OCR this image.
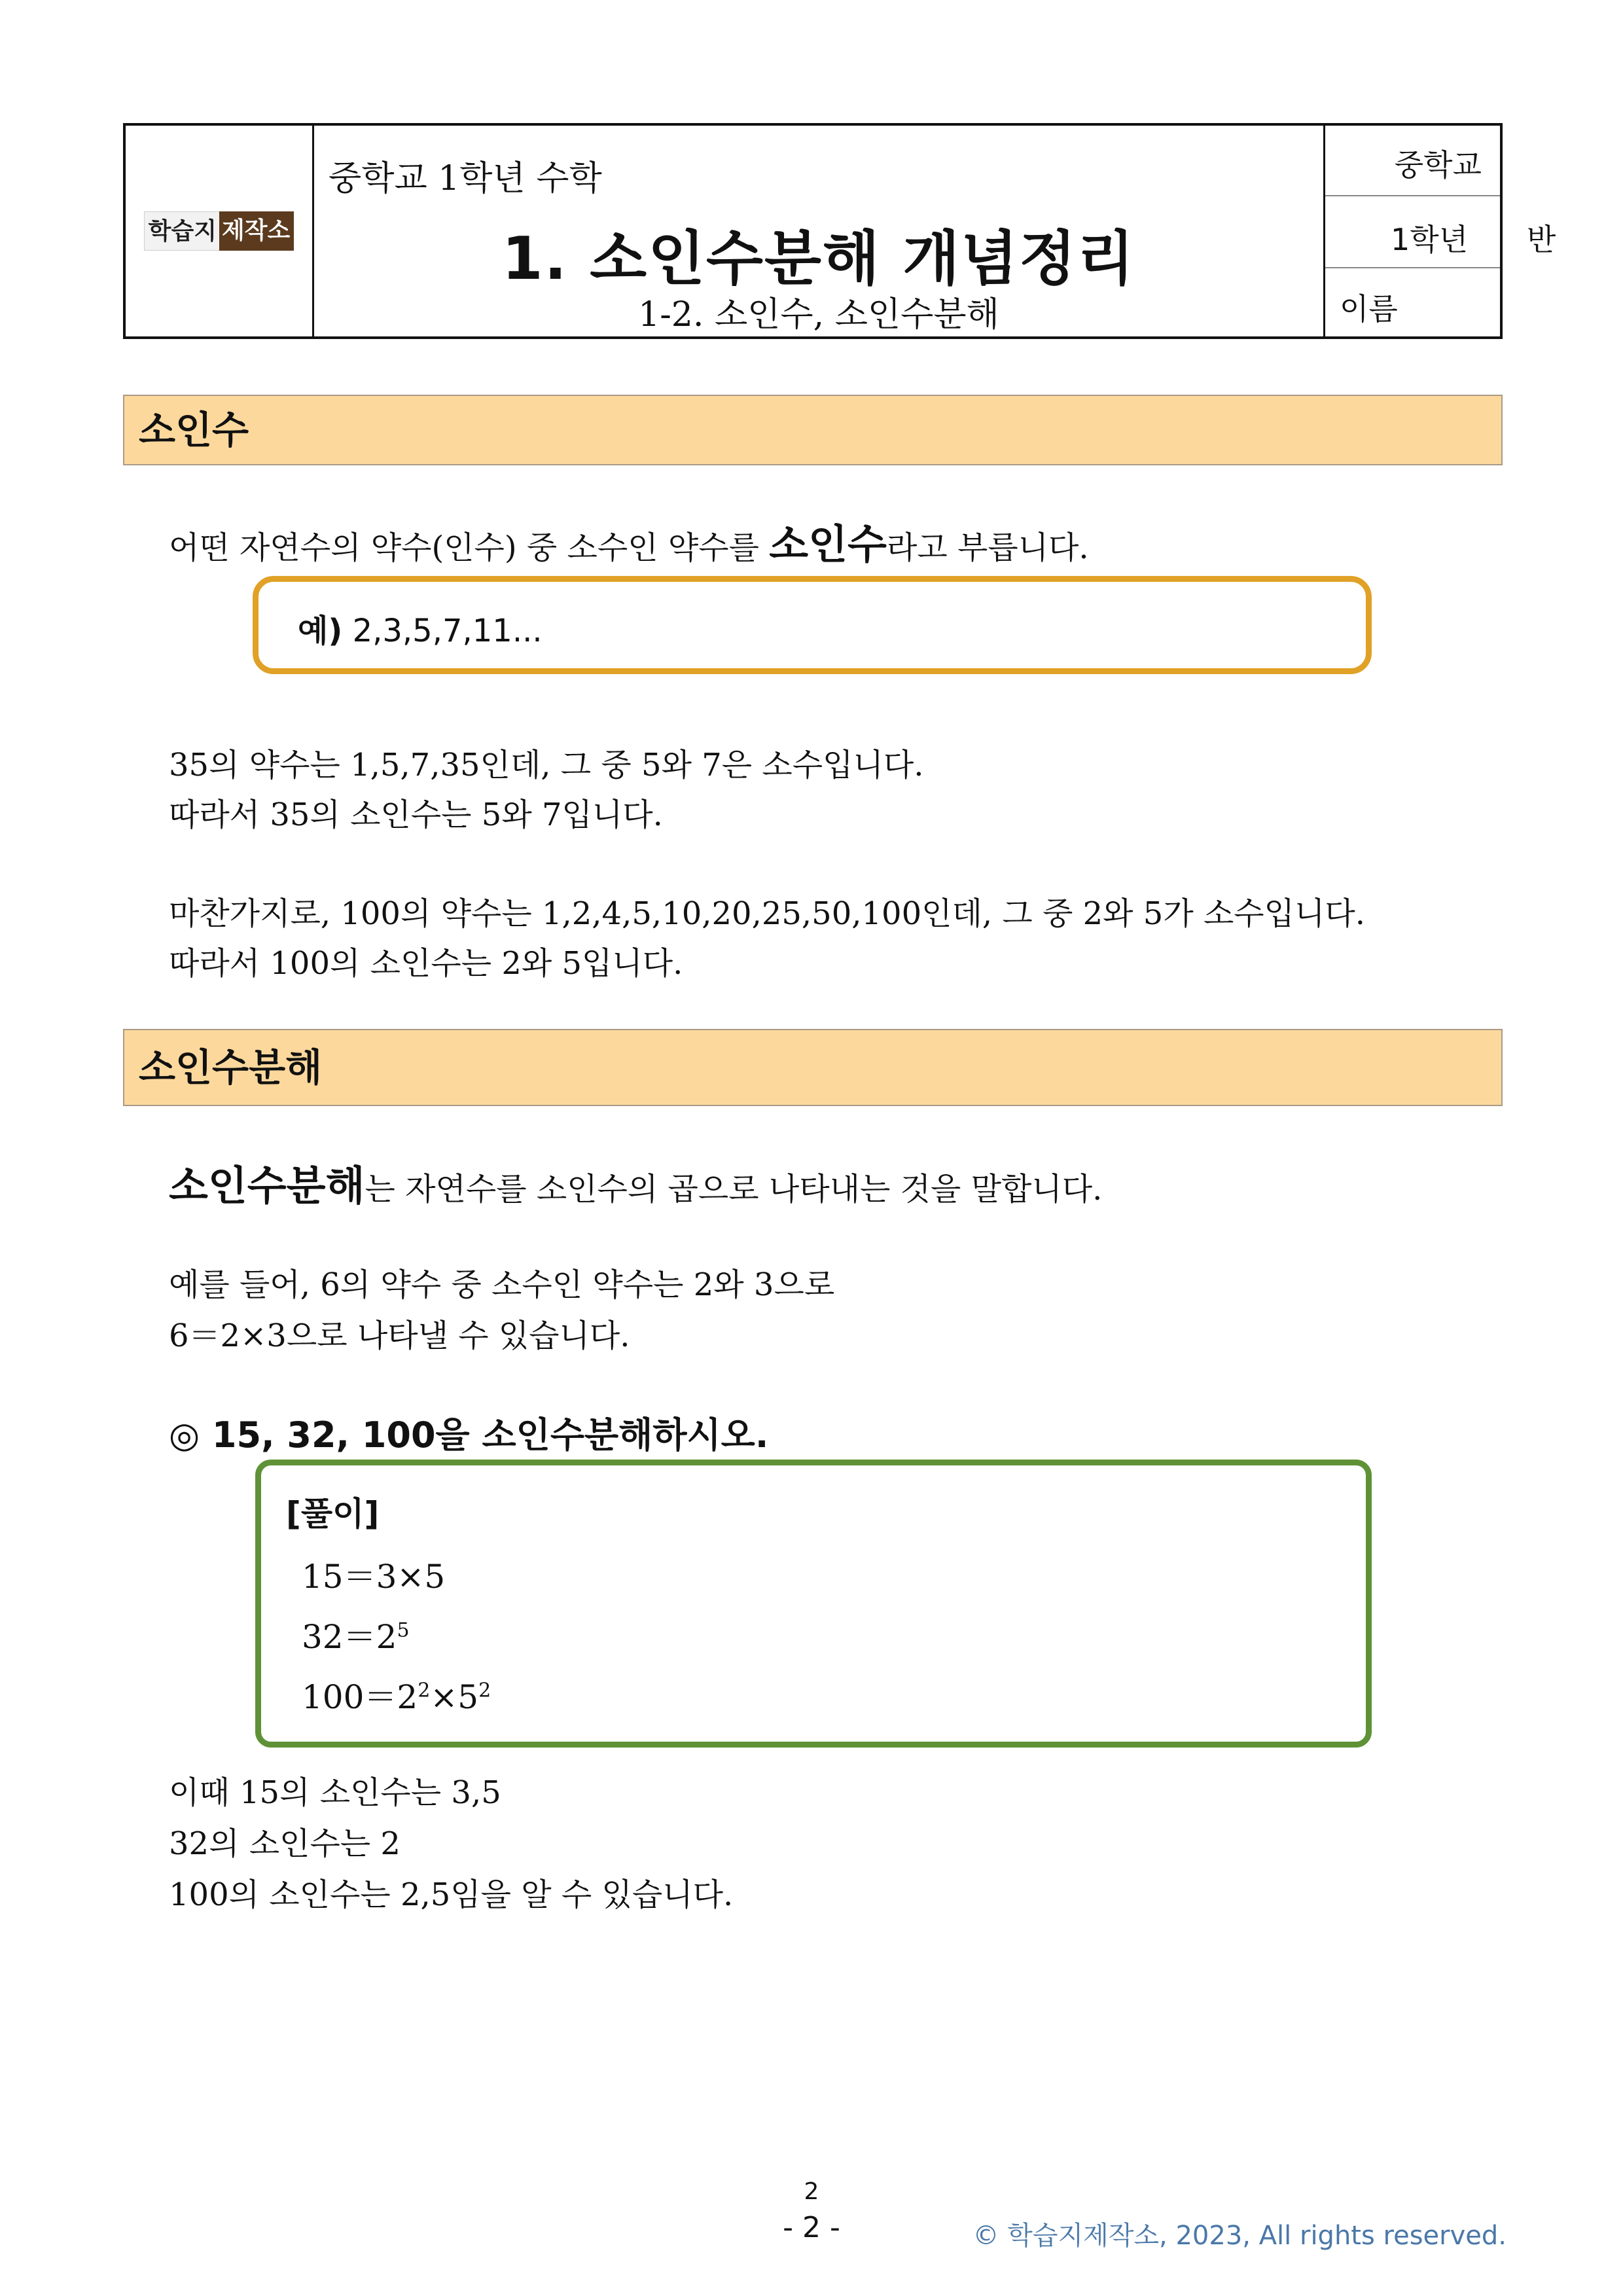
학습지 제작소
중학교 1학년 수학
1. 소인수분해 개념정리
1-2. 소인수, 소인수분해
중학교
1학년 반
이름
소인수
어떤 자연수의 약수(인수) 중 소수인 약수를 소인수라고 부릅니다.
예) 2,3,5,7,11...
35의 약수는 1,5,7,35인데, 그 중 5와 7은 소수입니다.
따라서 35의 소인수는 5와 7입니다.
마찬가지로, 100의 약수는 1,2,4,5,10,20,25,50,100인데, 그 중 2와 5가 소수입니다.
따라서 100의 소인수는 2와 5입니다.
소인수분해
소인수분해는 자연수를 소인수의 곱으로 나타내는 것을 말합니다.
예를 들어, 6의 약수 중 소수인 약수는 2와 3으로
6＝2×3으로 나타낼 수 있습니다.
◎ 15, 32, 100을 소인수분해하시오.
[풀이]
15＝3×5
$32=2^5$
$100=2^2\times 5^2$
이때 15의 소인수는 3,5
32의 소인수는 2
100의 소인수는 2,5임을 알 수 있습니다.
2
- 2 -	© 학습지제작소, 2023, All rights reserved.
